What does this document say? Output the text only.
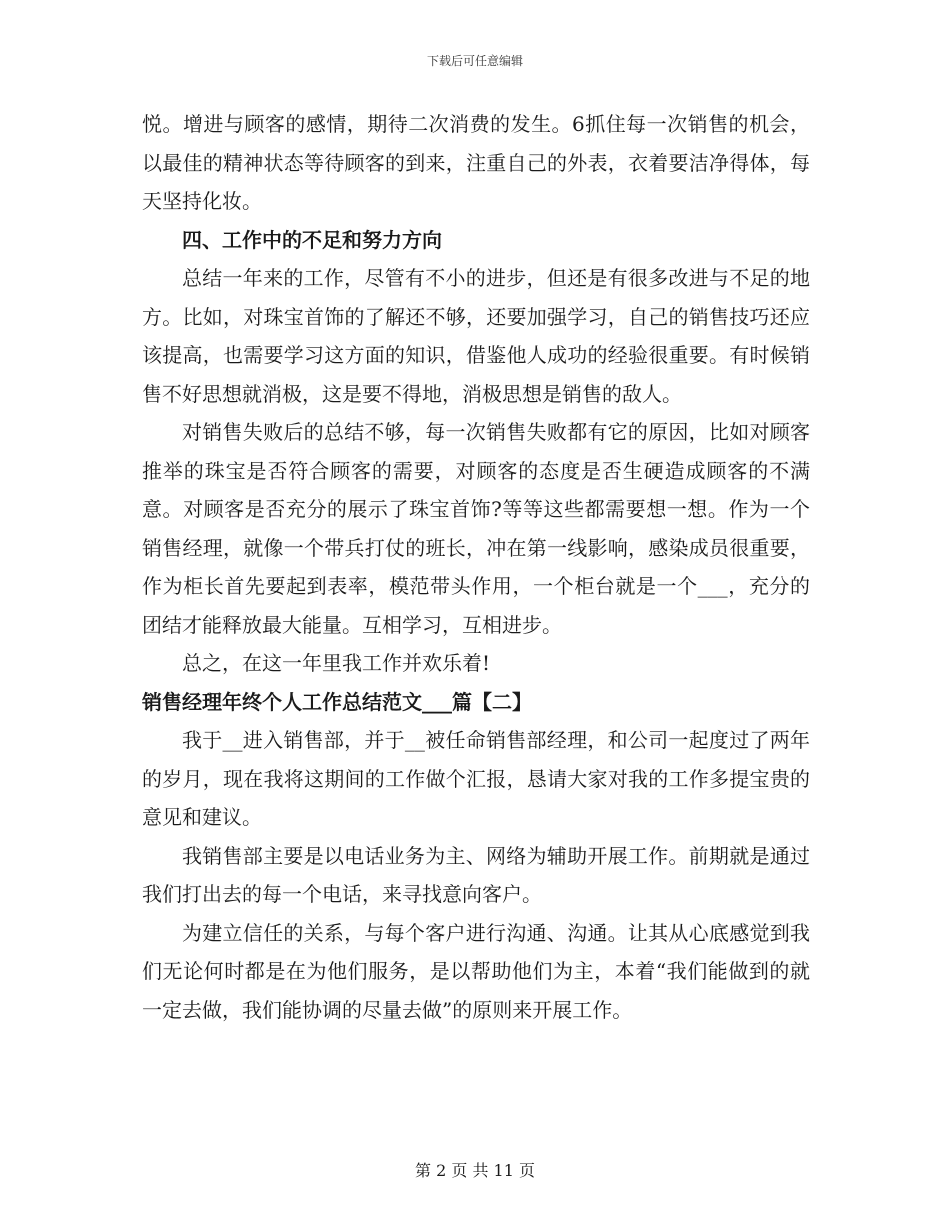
下载后可任意编辑

悦。增进与顾客的感情，期待二次消费的发生。6抓住每一次销售的机会，以最佳的精神状态等待顾客的到来，注重自己的外表，衣着要洁净得体，每天坚持化妆。

四、工作中的不足和努力方向

总结一年来的工作，尽管有不小的进步，但还是有很多改进与不足的地方。比如，对珠宝首饰的了解还不够，还要加强学习，自己的销售技巧还应该提高，也需要学习这方面的知识，借鉴他人成功的经验很重要。有时候销售不好思想就消极，这是要不得地，消极思想是销售的敌人。

对销售失败后的总结不够，每一次销售失败都有它的原因，比如对顾客推举的珠宝是否符合顾客的需要，对顾客的态度是否生硬造成顾客的不满意。对顾客是否充分的展示了珠宝首饰?等等这些都需要想一想。作为一个销售经理，就像一个带兵打仗的班长，冲在第一线影响，感染成员很重要，作为柜长首先要起到表率，模范带头作用，一个柜台就是一个___，充分的团结才能释放最大能量。互相学习，互相进步。

总之，在这一年里我工作并欢乐着!

销售经理年终个人工作总结范文___篇【二】

我于__进入销售部，并于__被任命销售部经理，和公司一起度过了两年的岁月，现在我将这期间的工作做个汇报，恳请大家对我的工作多提宝贵的意见和建议。

我销售部主要是以电话业务为主、网络为辅助开展工作。前期就是通过我们打出去的每一个电话，来寻找意向客户。

为建立信任的关系，与每个客户进行沟通、沟通。让其从心底感觉到我们无论何时都是在为他们服务，是以帮助他们为主，本着“我们能做到的就一定去做，我们能协调的尽量去做”的原则来开展工作。

第 2 页 共 11 页
